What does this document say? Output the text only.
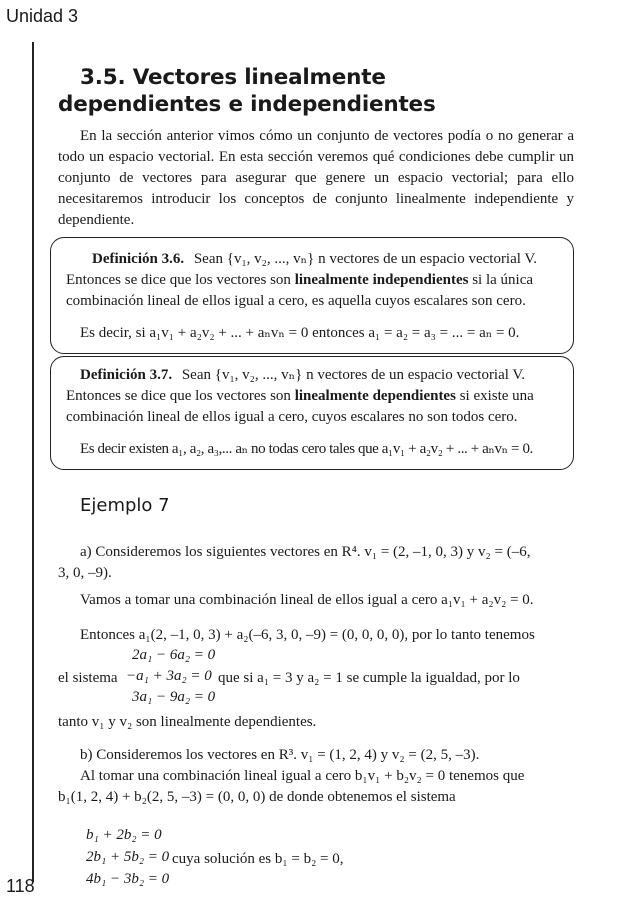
Unidad 3
118
3.5. Vectores linealmente dependientes e independientes
En la sección anterior vimos cómo un conjunto de vectores podía o no generar a todo un espacio vectorial. En esta sección veremos qué condiciones debe cumplir un conjunto de vectores para asegurar que genere un espacio vectorial; para ello necesitaremos introducir los conceptos de conjunto linealmente independiente y dependiente.
Definición 3.6. Sean {v₁, v₂, ..., vₙ} n vectores de un espacio vectorial V.
Entonces se dice que los vectores son linealmente independientes si la única
combinación lineal de ellos igual a cero, es aquella cuyos escalares son cero.
Es decir, si a₁v₁ + a₂v₂ + ... + aₙvₙ = 0 entonces a₁ = a₂ = a₃ = ... = aₙ = 0.
Definición 3.7. Sean {v₁, v₂, ..., vₙ} n vectores de un espacio vectorial V.
Entonces se dice que los vectores son linealmente dependientes si existe una
combinación lineal de ellos igual a cero, cuyos escalares no son todos cero.
Es decir existen a₁, a₂, a₃,... aₙ no todas cero tales que a₁v₁ + a₂v₂ + ... + aₙvₙ = 0.
Ejemplo 7
a) Consideremos los siguientes vectores en R⁴. v₁ = (2, –1, 0, 3) y v₂ = (–6,
3, 0, –9).
Vamos a tomar una combinación lineal de ellos igual a cero a₁v₁ + a₂v₂ = 0.
Entonces a₁(2, –1, 0, 3) + a₂(–6, 3, 0, –9) = (0, 0, 0, 0), por lo tanto tenemos
2a₁ − 6a₂ = 0
el sistema −a₁ + 3a₂ = 0 que si a₁ = 3 y a₂ = 1 se cumple la igualdad, por lo
3a₁ − 9a₂ = 0
tanto v₁ y v₂ son linealmente dependientes.
b) Consideremos los vectores en R³. v₁ = (1, 2, 4) y v₂ = (2, 5, –3).
Al tomar una combinación lineal igual a cero b₁v₁ + b₂v₂ = 0 tenemos que
b₁(1, 2, 4) + b₂(2, 5, –3) = (0, 0, 0) de donde obtenemos el sistema
b₁ + 2b₂ = 0
2b₁ + 5b₂ = 0 cuya solución es b₁ = b₂ = 0,
4b₁ − 3b₂ = 0
